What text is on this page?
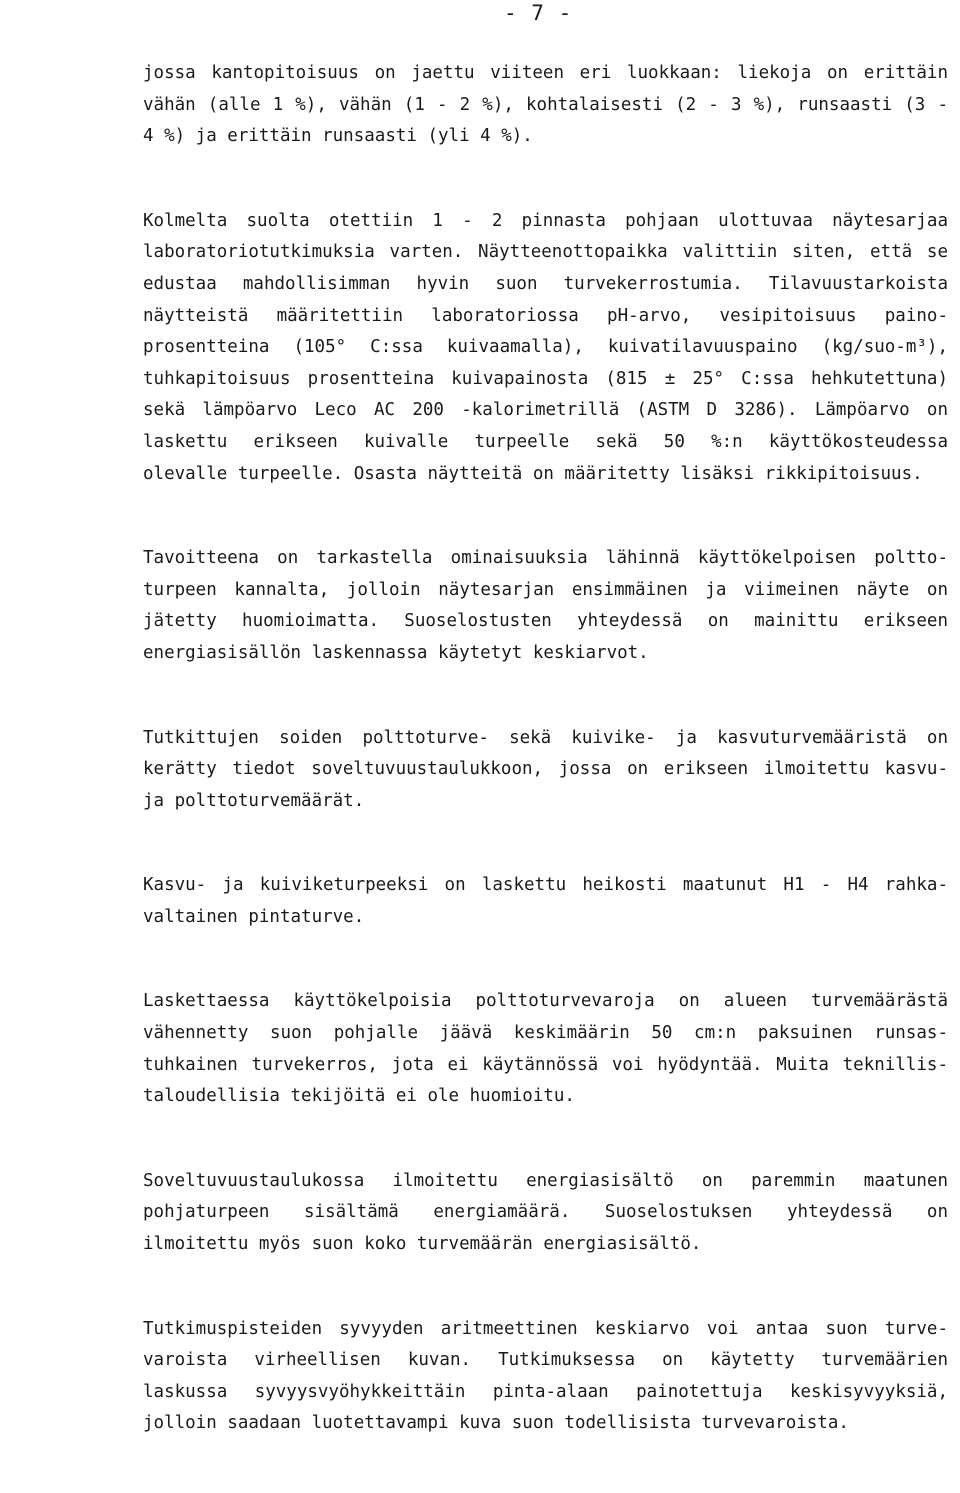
- 7 -
jossa kantopitoisuus on jaettu viiteen eri luokkaan: liekoja on erittäin
vähän (alle 1 %), vähän (1 - 2 %), kohtalaisesti (2 - 3 %), runsaasti (3 -
4 %) ja erittäin runsaasti (yli 4 %).
Kolmelta suolta otettiin 1 - 2 pinnasta pohjaan ulottuvaa näytesarjaa
laboratoriotutkimuksia varten. Näytteenottopaikka valittiin siten, että se
edustaa mahdollisimman hyvin suon turvekerrostumia. Tilavuustarkoista
näytteistä määritettiin laboratoriossa pH-arvo, vesipitoisuus paino-
prosentteina (105° C:ssa kuivaamalla), kuivatilavuuspaino (kg/suo-m³),
tuhkapitoisuus prosentteina kuivapainosta (815 ± 25° C:ssa hehkutettuna)
sekä lämpöarvo Leco AC 200 -kalorimetrillä (ASTM D 3286). Lämpöarvo on
laskettu erikseen kuivalle turpeelle sekä 50 %:n käyttökosteudessa
olevalle turpeelle. Osasta näytteitä on määritetty lisäksi rikkipitoisuus.
Tavoitteena on tarkastella ominaisuuksia lähinnä käyttökelpoisen poltto-
turpeen kannalta, jolloin näytesarjan ensimmäinen ja viimeinen näyte on
jätetty huomioimatta. Suoselostusten yhteydessä on mainittu erikseen
energiasisällön laskennassa käytetyt keskiarvot.
Tutkittujen soiden polttoturve- sekä kuivike- ja kasvuturvemääristä on
kerätty tiedot soveltuvuustaulukkoon, jossa on erikseen ilmoitettu kasvu-
ja polttoturvemäärät.
Kasvu- ja kuiviketurpeeksi on laskettu heikosti maatunut H1 - H4 rahka-
valtainen pintaturve.
Laskettaessa käyttökelpoisia polttoturvevaroja on alueen turvemäärästä
vähennetty suon pohjalle jäävä keskimäärin 50 cm:n paksuinen runsas-
tuhkainen turvekerros, jota ei käytännössä voi hyödyntää. Muita teknillis-
taloudellisia tekijöitä ei ole huomioitu.
Soveltuvuustaulukossa ilmoitettu energiasisältö on paremmin maatunen
pohjaturpeen sisältämä energiamäärä. Suoselostuksen yhteydessä on
ilmoitettu myös suon koko turvemäärän energiasisältö.
Tutkimuspisteiden syvyyden aritmeettinen keskiarvo voi antaa suon turve-
varoista virheellisen kuvan. Tutkimuksessa on käytetty turvemäärien
laskussa syvyysvyöhykkeittäin pinta-alaan painotettuja keskisyvyyksiä,
jolloin saadaan luotettavampi kuva suon todellisista turvevaroista.
